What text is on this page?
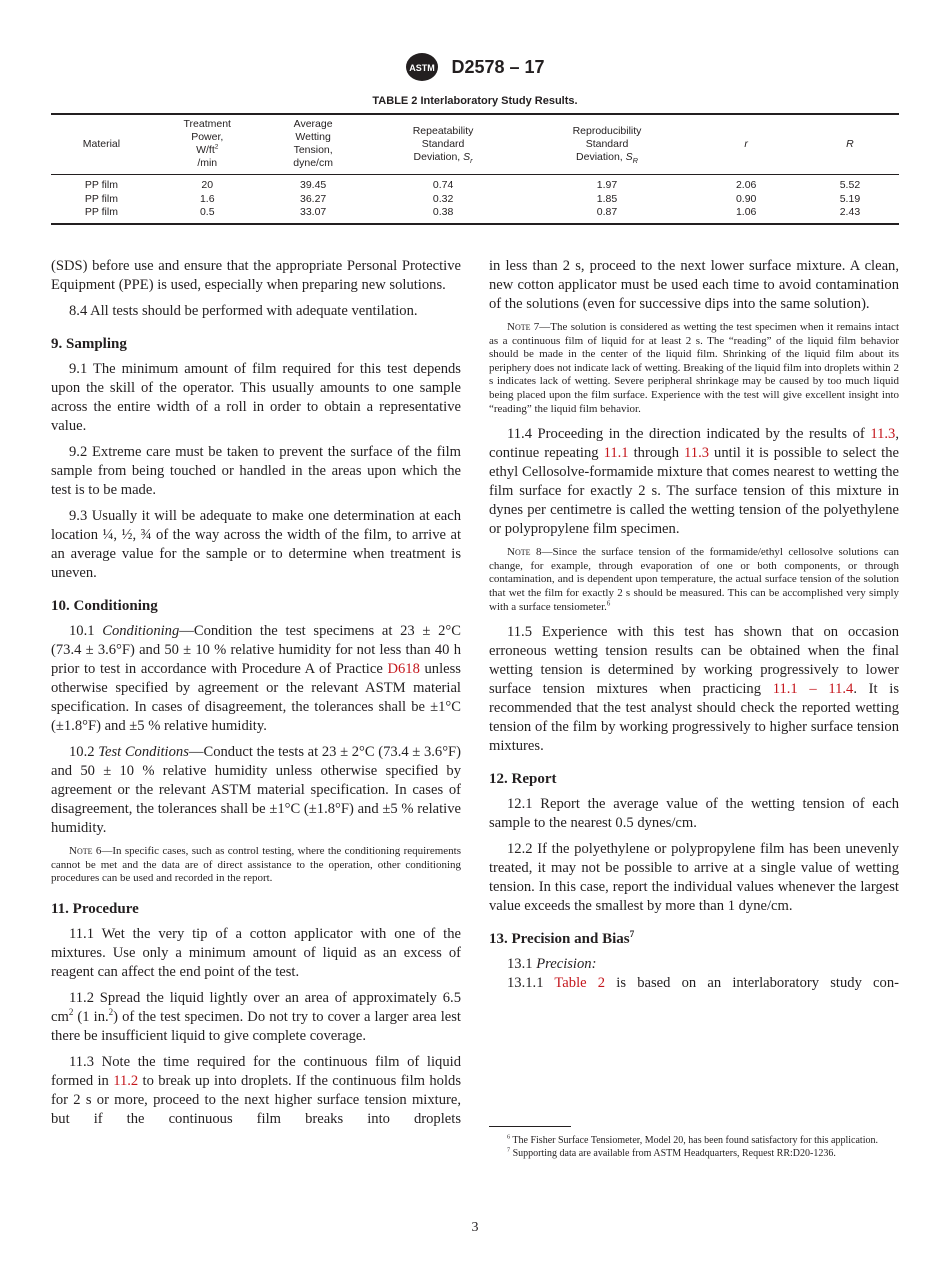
ASTM D2578 – 17
TABLE 2 Interlaboratory Study Results.
Material	Treatment
Power,
$W/ft^2$
/min	Average
Wetting
Tension,
dyne/cm	Repeatability
Standard
Deviation, $S_r$	Reproducibility
Standard
Deviation, $S_R$	r	R
PP film	20	39.45	0.74	1.97	2.06	5.52
PP film	1.6	36.27	0.32	1.85	0.90	5.19
PP film	0.5	33.07	0.38	0.87	1.06	2.43
(SDS) before use and ensure that the appropriate Personal Protective Equipment (PPE) is used, especially when preparing new solutions.
8.4 All tests should be performed with adequate ventilation.
9. Sampling
9.1 The minimum amount of film required for this test depends upon the skill of the operator. This usually amounts to one sample across the entire width of a roll in order to obtain a representative value.
9.2 Extreme care must be taken to prevent the surface of the film sample from being touched or handled in the areas upon which the test is to be made.
9.3 Usually it will be adequate to make one determination at each location ¼, ½, ¾ of the way across the width of the film, to arrive at an average value for the sample or to determine when treatment is uneven.
10. Conditioning
10.1 Conditioning—Condition the test specimens at 23 ± 2°C (73.4 ± 3.6°F) and 50 ± 10 % relative humidity for not less than 40 h prior to test in accordance with Procedure A of Practice D618 unless otherwise specified by agreement or the relevant ASTM material specification. In cases of disagreement, the tolerances shall be ±1°C (±1.8°F) and ±5 % relative humidity.
10.2 Test Conditions—Conduct the tests at 23 ± 2°C (73.4 ± 3.6°F) and 50 ± 10 % relative humidity unless otherwise specified by agreement or the relevant ASTM material specification. In cases of disagreement, the tolerances shall be ±1°C (±1.8°F) and ±5 % relative humidity.
Note 6—In specific cases, such as control testing, where the conditioning requirements cannot be met and the data are of direct assistance to the operation, other conditioning procedures can be used and recorded in the report.
11. Procedure
11.1 Wet the very tip of a cotton applicator with one of the mixtures. Use only a minimum amount of liquid as an excess of reagent can affect the end point of the test.
11.2 Spread the liquid lightly over an area of approximately 6.5 $cm^2$ (1 in.$^2$) of the test specimen. Do not try to cover a larger area lest there be insufficient liquid to give complete coverage.
11.3 Note the time required for the continuous film of liquid formed in 11.2 to break up into droplets. If the continuous film holds for 2 s or more, proceed to the next higher surface tension mixture, but if the continuous film breaks into droplets
in less than 2 s, proceed to the next lower surface mixture. A clean, new cotton applicator must be used each time to avoid contamination of the solutions (even for successive dips into the same solution).
Note 7—The solution is considered as wetting the test specimen when it remains intact as a continuous film of liquid for at least 2 s. The “reading” of the liquid film behavior should be made in the center of the liquid film. Shrinking of the liquid film about its periphery does not indicate lack of wetting. Breaking of the liquid film into droplets within 2 s indicates lack of wetting. Severe peripheral shrinkage may be caused by too much liquid being placed upon the film surface. Experience with the test will give excellent insight into “reading” the liquid film behavior.
11.4 Proceeding in the direction indicated by the results of 11.3, continue repeating 11.1 through 11.3 until it is possible to select the ethyl Cellosolve-formamide mixture that comes nearest to wetting the film surface for exactly 2 s. The surface tension of this mixture in dynes per centimetre is called the wetting tension of the polyethylene or polypropylene film specimen.
Note 8—Since the surface tension of the formamide/ethyl cellosolve solutions can change, for example, through evaporation of one or both components, or through contamination, and is dependent upon temperature, the actual surface tension of the solution that wet the film for exactly 2 s should be measured. This can be accomplished very simply with a surface tensiometer.$^6$
11.5 Experience with this test has shown that on occasion erroneous wetting tension results can be obtained when the final wetting tension is determined by working progressively to lower surface tension mixtures when practicing 11.1 – 11.4. It is recommended that the test analyst should check the reported wetting tension of the film by working progressively to higher surface tension mixtures.
12. Report
12.1 Report the average value of the wetting tension of each sample to the nearest 0.5 dynes/cm.
12.2 If the polyethylene or polypropylene film has been unevenly treated, it may not be possible to arrive at a single value of wetting tension. In this case, report the individual values whenever the largest value exceeds the smallest by more than 1 dyne/cm.
13. Precision and Bias$^7$
13.1 Precision:
13.1.1 Table 2 is based on an interlaboratory study con-

$^6$ The Fisher Surface Tensiometer, Model 20, has been found satisfactory for this application.

$^7$ Supporting data are available from ASTM Headquarters, Request RR:D20-1236.

3
